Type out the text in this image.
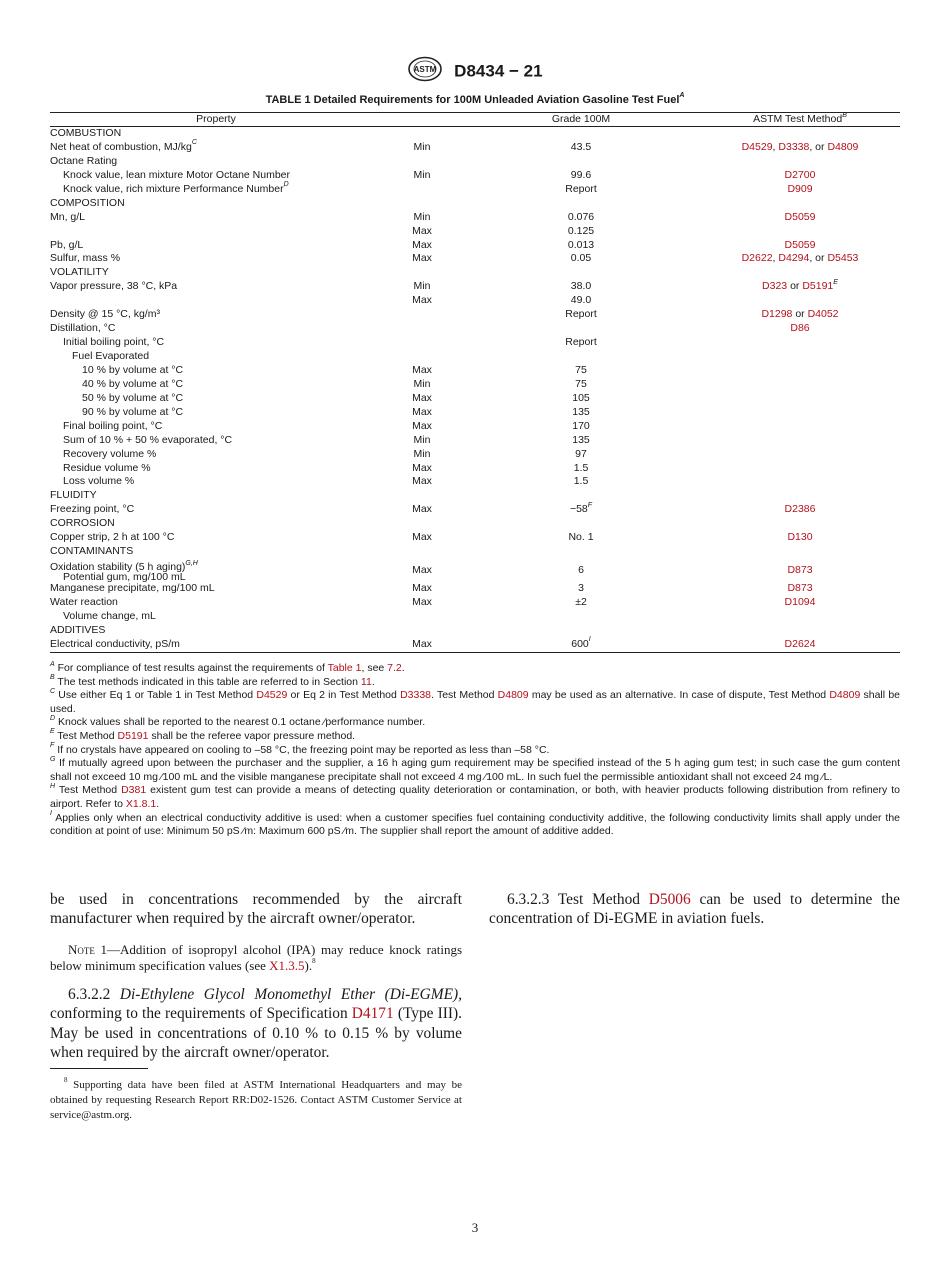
ASTM D8434 − 21
TABLE 1 Detailed Requirements for 100M Unleaded Aviation Gasoline Test Fuel$^A$
Property		Grade 100M	ASTM Test Method$^B$
COMBUSTION			
Net heat of combustion, $MJ/kg^C$	Min	43.5	D4529, D3338, or D4809
Octane Rating			
Knock value, lean mixture Motor Octane Number	Min	99.6	D2700
Knock value, rich mixture Performance Number$^D$		Report	D909
COMPOSITION			
Mn, g/L	Min	0.076	D5059
	Max	0.125	
Pb, g/L	Max	0.013	D5059
Sulfur, mass %	Max	0.05	D2622, D4294, or D5453
VOLATILITY			
Vapor pressure, 38 °C, kPa	Min	38.0	D323 or $D5191^E$
	Max	49.0	
Density @ 15 °C, kg/m³		Report	D1298 or D4052
Distillation, °C			D86
Initial boiling point, °C		Report	
Fuel Evaporated			
10 % by volume at °C	Max	75	
40 % by volume at °C	Min	75	
50 % by volume at °C	Max	105	
90 % by volume at °C	Max	135	
Final boiling point, °C	Max	170	
Sum of 10 % + 50 % evaporated, °C	Min	135	
Recovery volume %	Min	97	
Residue volume %	Max	1.5	
Loss volume %	Max	1.5	
FLUIDITY			
Freezing point, °C	Max	$-58^F$	D2386
CORROSION			
Copper strip, 2 h at 100 °C	Max	No. 1	D130
CONTAMINANTS			
Oxidation stability (5 h aging)$^{G,H}$
Potential gum, mg/100 mL	Max	6	D873
Manganese precipitate, mg/100 mL	Max	3	D873
Water reaction	Max	±2	D1094
Volume change, mL			
ADDITIVES			
Electrical conductivity, pS/m	Max	$600^I$	D2624

$^A$ For compliance of test results against the requirements of Table 1, see 7.2.

$^B$ The test methods indicated in this table are referred to in Section 11.

$^C$ Use either Eq 1 or Table 1 in Test Method D4529 or Eq 2 in Test Method D3338. Test Method D4809 may be used as an alternative. In case of dispute, Test Method D4809 shall be used.

$^D$ Knock values shall be reported to the nearest 0.1 octane ⁄performance number.

$^E$ Test Method D5191 shall be the referee vapor pressure method.

$^F$ If no crystals have appeared on cooling to –58 °C, the freezing point may be reported as less than –58 °C.

$^G$ If mutually agreed upon between the purchaser and the supplier, a 16 h aging gum requirement may be specified instead of the 5 h aging gum test; in such case the gum content shall not exceed 10 mg ⁄100 mL and the visible manganese precipitate shall not exceed 4 mg ⁄100 mL. In such fuel the permissible antioxidant shall not exceed 24 mg ⁄L.

$^H$ Test Method D381 existent gum test can provide a means of detecting quality deterioration or contamination, or both, with heavier products following distribution from refinery to airport. Refer to X1.8.1.

$^I$ Applies only when an electrical conductivity additive is used: when a customer specifies fuel containing conductivity additive, the following conductivity limits shall apply under the condition at point of use: Minimum 50 pS ⁄m: Maximum 600 pS ⁄m. The supplier shall report the amount of additive added.

be used in concentrations recommended by the aircraft manufacturer when required by the aircraft owner/operator.

Note 1—Addition of isopropyl alcohol (IPA) may reduce knock ratings below minimum specification values (see X1.3.5).$^8$

6.3.2.2 Di-Ethylene Glycol Monomethyl Ether (Di-EGME), conforming to the requirements of Specification D4171 (Type III). May be used in concentrations of 0.10 % to 0.15 % by volume when required by the aircraft owner/operator.

6.3.2.3 Test Method D5006 can be used to determine the concentration of Di-EGME in aviation fuels.

$^8$ Supporting data have been filed at ASTM International Headquarters and may be obtained by requesting Research Report RR:D02-1526. Contact ASTM Customer Service at service@astm.org.
3
